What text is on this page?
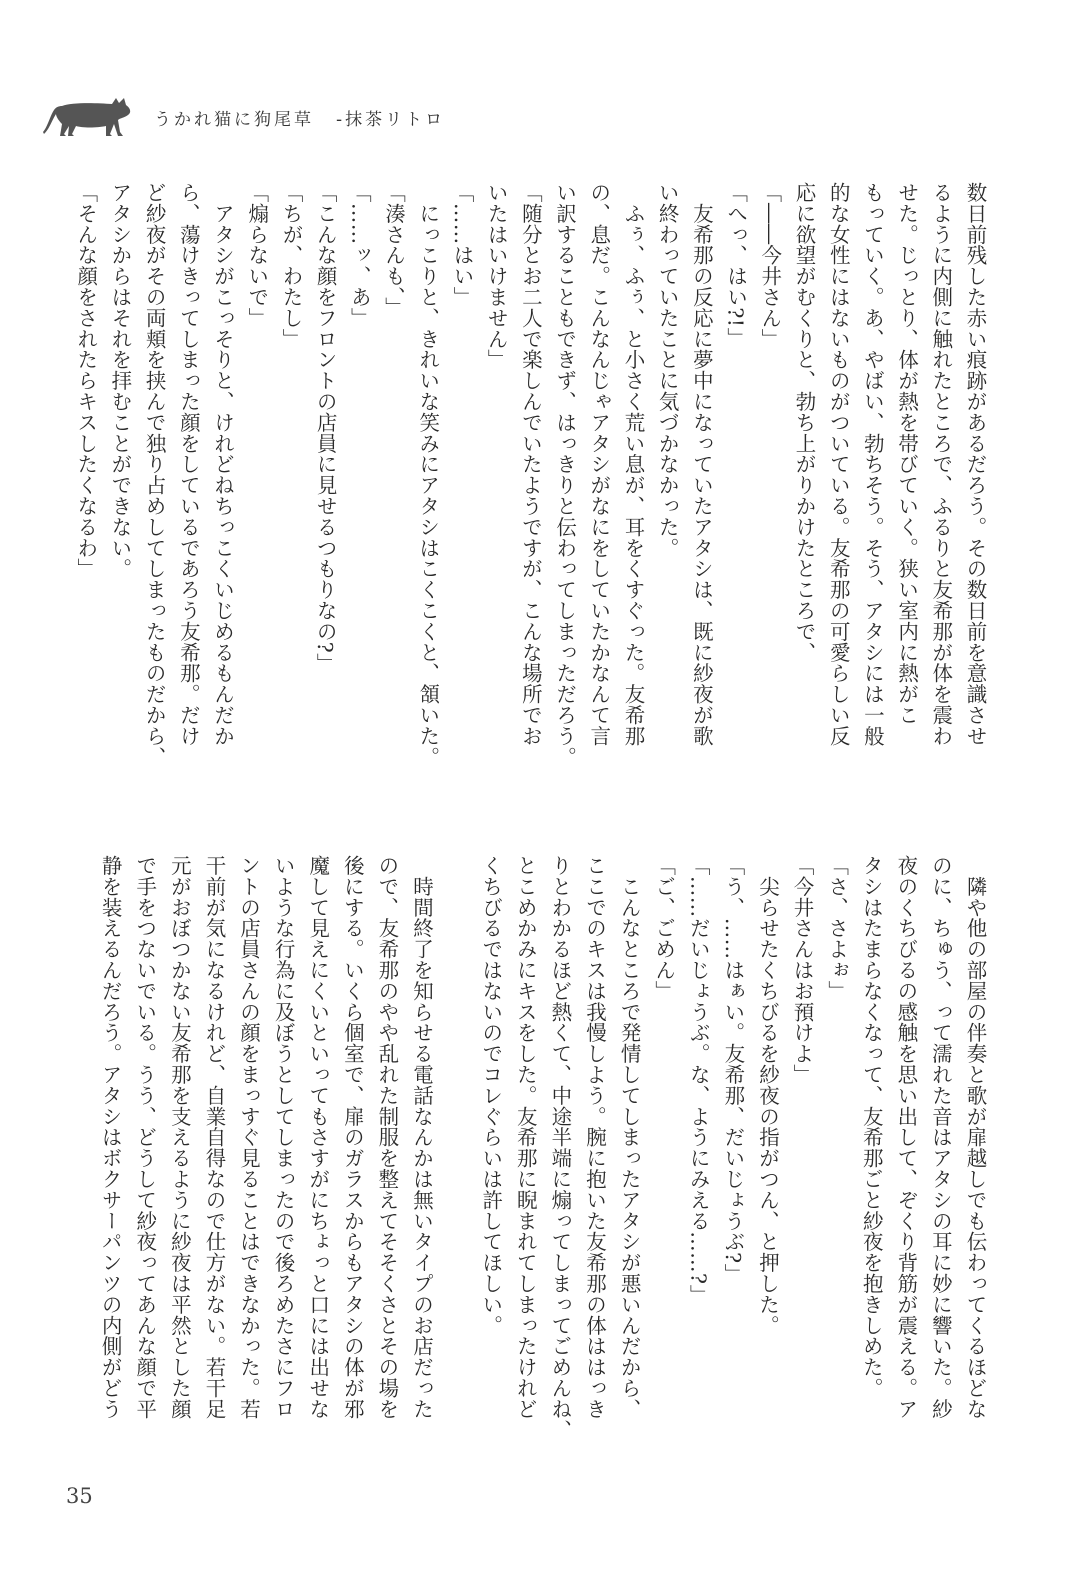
うかれ猫に狗尾草 -抹茶リトロ
数日前残した赤い痕跡があるだろう。その数日前を意識させ
るように内側に触れたところで、ふるりと友希那が体を震わ
せた。じっとり、体が熱を帯びていく。狭い室内に熱がこ
もっていく。あ、やばい、勃ちそう。そう、アタシには一般
的な女性にはないものがついている。友希那の可愛らしい反
応に欲望がむくりと、勃ち上がりかけたところで、
「――今井さん」
「へっ、はい?!」
　友希那の反応に夢中になっていたアタシは、既に紗夜が歌
い終わっていたことに気づかなかった。
　ふぅ、ふぅ、と小さく荒い息が、耳をくすぐった。友希那
の、息だ。こんなんじゃアタシがなにをしていたかなんて言
い訳することもできず、はっきりと伝わってしまっただろう。
「随分とお二人で楽しんでいたようですが、こんな場所でお
いたはいけません」
「……はい」
　にっこりと、きれいな笑みにアタシはこくこくと、頷いた。
「湊さんも、」
「……ッ、あ」
「こんな顔をフロントの店員に見せるつもりなの?」
「ちが、わたし」
「煽らないで」
　アタシがこっそりと、けれどねちっこくいじめるもんだか
ら、蕩けきってしまった顔をしているであろう友希那。だけ
ど紗夜がその両頬を挟んで独り占めしてしまったものだから、
アタシからはそれを拝むことができない。
「そんな顔をされたらキスしたくなるわ」
　隣や他の部屋の伴奏と歌が扉越しでも伝わってくるほどな
のに、ちゅう、って濡れた音はアタシの耳に妙に響いた。紗
夜のくちびるの感触を思い出して、ぞくり背筋が震える。ア
タシはたまらなくなって、友希那ごと紗夜を抱きしめた。
「さ、さよぉ」
「今井さんはお預けよ」
　尖らせたくちびるを紗夜の指がつん、と押した。
「う、……はぁい。友希那、だいじょうぶ?」
「……だいじょうぶ。な、ようにみえる……?」
「ご、ごめん」
　こんなところで発情してしまったアタシが悪いんだから、
ここでのキスは我慢しよう。腕に抱いた友希那の体ははっき
りとわかるほど熱くて、中途半端に煽ってしまってごめんね、
とこめかみにキスをした。友希那に睨まれてしまったけれど
くちびるではないのでコレぐらいは許してほしい。
　時間終了を知らせる電話なんかは無いタイプのお店だった
ので、友希那のやや乱れた制服を整えてそそくさとその場を
後にする。いくら個室で、扉のガラスからもアタシの体が邪
魔して見えにくいといってもさすがにちょっと口には出せな
いような行為に及ぼうとしてしまったので後ろめたさにフロ
ントの店員さんの顔をまっすぐ見ることはできなかった。若
干前が気になるけれど、自業自得なので仕方がない。若干足
元がおぼつかない友希那を支えるように紗夜は平然とした顔
で手をつないでいる。うう、どうして紗夜ってあんな顔で平
静を装えるんだろう。アタシはボクサーパンツの内側がどう
35
